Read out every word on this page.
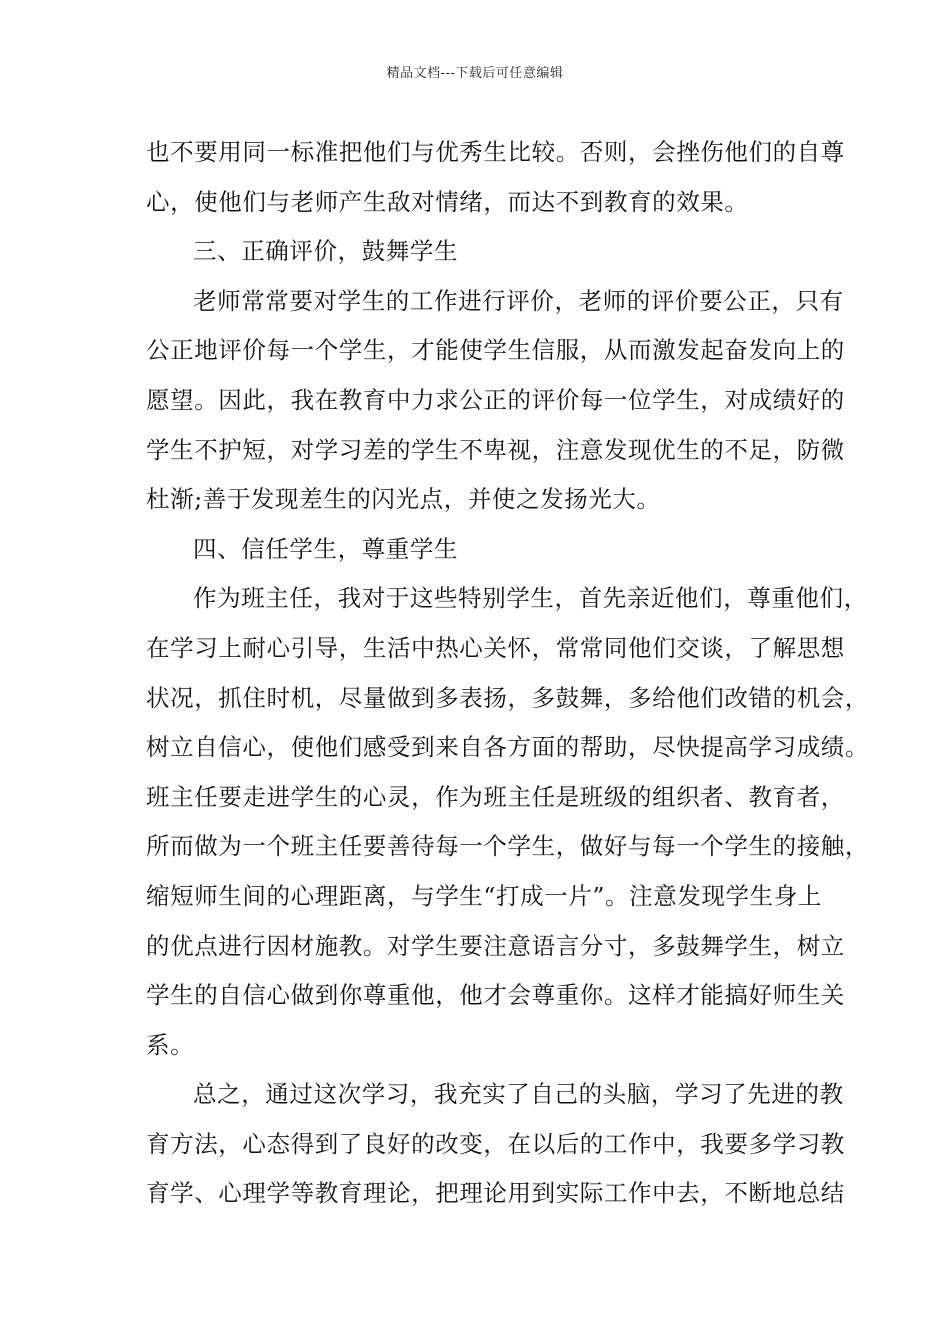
精品文档---下载后可任意编辑
也不要用同一标准把他们与优秀生比较。否则，会挫伤他们的自尊
心，使他们与老师产生敌对情绪，而达不到教育的效果。
三、正确评价，鼓舞学生
老师常常要对学生的工作进行评价，老师的评价要公正，只有
公正地评价每一个学生，才能使学生信服，从而激发起奋发向上的
愿望。因此，我在教育中力求公正的评价每一位学生，对成绩好的
学生不护短，对学习差的学生不卑视，注意发现优生的不足，防微
杜渐;善于发现差生的闪光点，并使之发扬光大。
四、信任学生，尊重学生
作为班主任，我对于这些特别学生，首先亲近他们，尊重他们，
在学习上耐心引导，生活中热心关怀，常常同他们交谈，了解思想
状况，抓住时机，尽量做到多表扬，多鼓舞，多给他们改错的机会，
树立自信心，使他们感受到来自各方面的帮助，尽快提高学习成绩。
班主任要走进学生的心灵，作为班主任是班级的组织者、教育者，
所而做为一个班主任要善待每一个学生，做好与每一个学生的接触，
缩短师生间的心理距离，与学生“打成一片”。注意发现学生身上
的优点进行因材施教。对学生要注意语言分寸，多鼓舞学生，树立
学生的自信心做到你尊重他，他才会尊重你。这样才能搞好师生关
系。
总之，通过这次学习，我充实了自己的头脑，学习了先进的教
育方法，心态得到了良好的改变，在以后的工作中，我要多学习教
育学、心理学等教育理论，把理论用到实际工作中去，不断地总结
